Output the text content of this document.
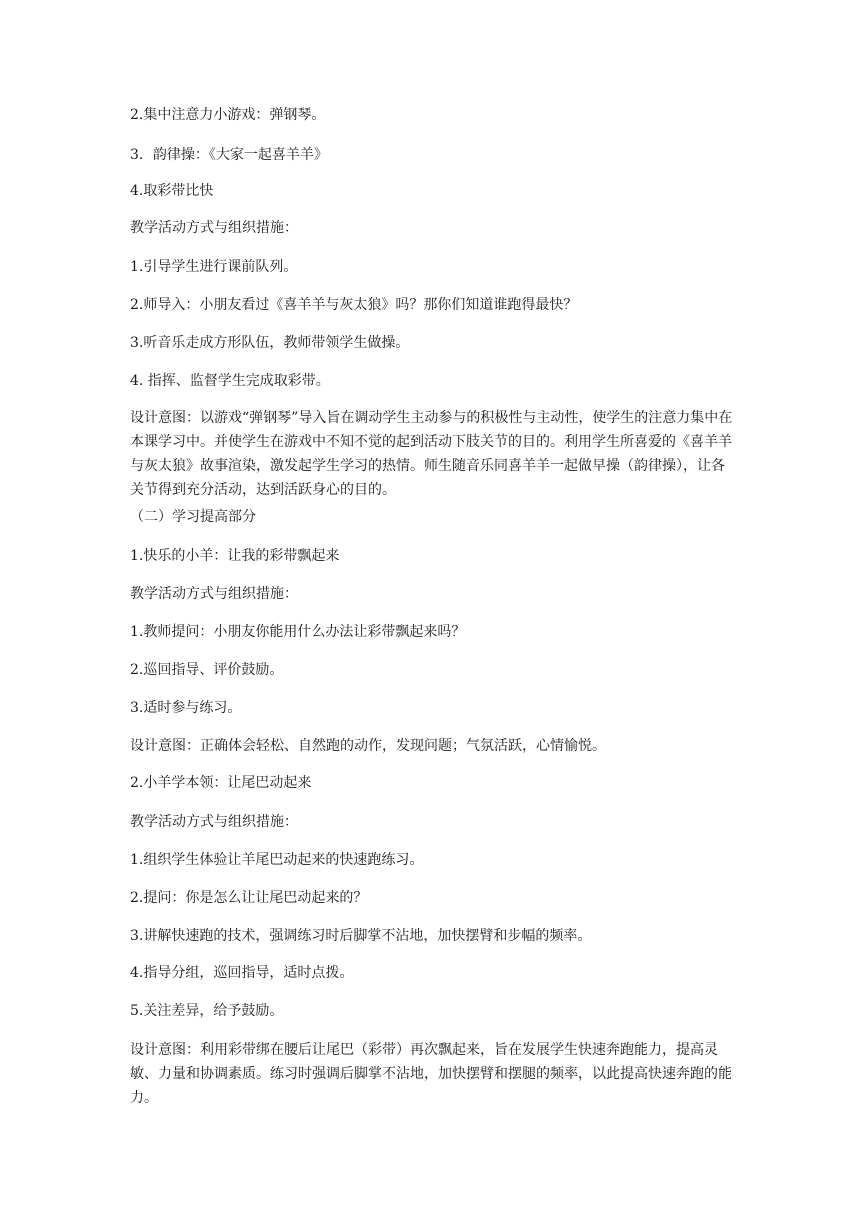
2.集中注意力小游戏：弹钢琴。

3．韵律操：《大家一起喜羊羊》

4.取彩带比快

教学活动方式与组织措施：

1.引导学生进行课前队列。

2.师导入：小朋友看过《喜羊羊与灰太狼》吗？那你们知道谁跑得最快？

3.听音乐走成方形队伍，教师带领学生做操。

4. 指挥、监督学生完成取彩带。

设计意图：以游戏“弹钢琴”导入旨在调动学生主动参与的积极性与主动性，使学生的注意力集中在本课学习中。并使学生在游戏中不知不觉的起到活动下肢关节的目的。利用学生所喜爱的《喜羊羊与灰太狼》故事渲染，激发起学生学习的热情。师生随音乐同喜羊羊一起做早操（韵律操），让各关节得到充分活动，达到活跃身心的目的。

（二）学习提高部分

1.快乐的小羊：让我的彩带飘起来

教学活动方式与组织措施：

1.教师提问：小朋友你能用什么办法让彩带飘起来吗？

2.巡回指导、评价鼓励。

3.适时参与练习。

设计意图：正确体会轻松、自然跑的动作，发现问题；气氛活跃，心情愉悦。

2.小羊学本领：让尾巴动起来

教学活动方式与组织措施：

1.组织学生体验让羊尾巴动起来的快速跑练习。

2.提问：你是怎么让让尾巴动起来的？

3.讲解快速跑的技术，强调练习时后脚掌不沾地，加快摆臂和步幅的频率。

4.指导分组，巡回指导，适时点拨。

5.关注差异，给予鼓励。

设计意图：利用彩带绑在腰后让尾巴（彩带）再次飘起来，旨在发展学生快速奔跑能力，提高灵敏、力量和协调素质。练习时强调后脚掌不沾地，加快摆臂和摆腿的频率，以此提高快速奔跑的能力。
